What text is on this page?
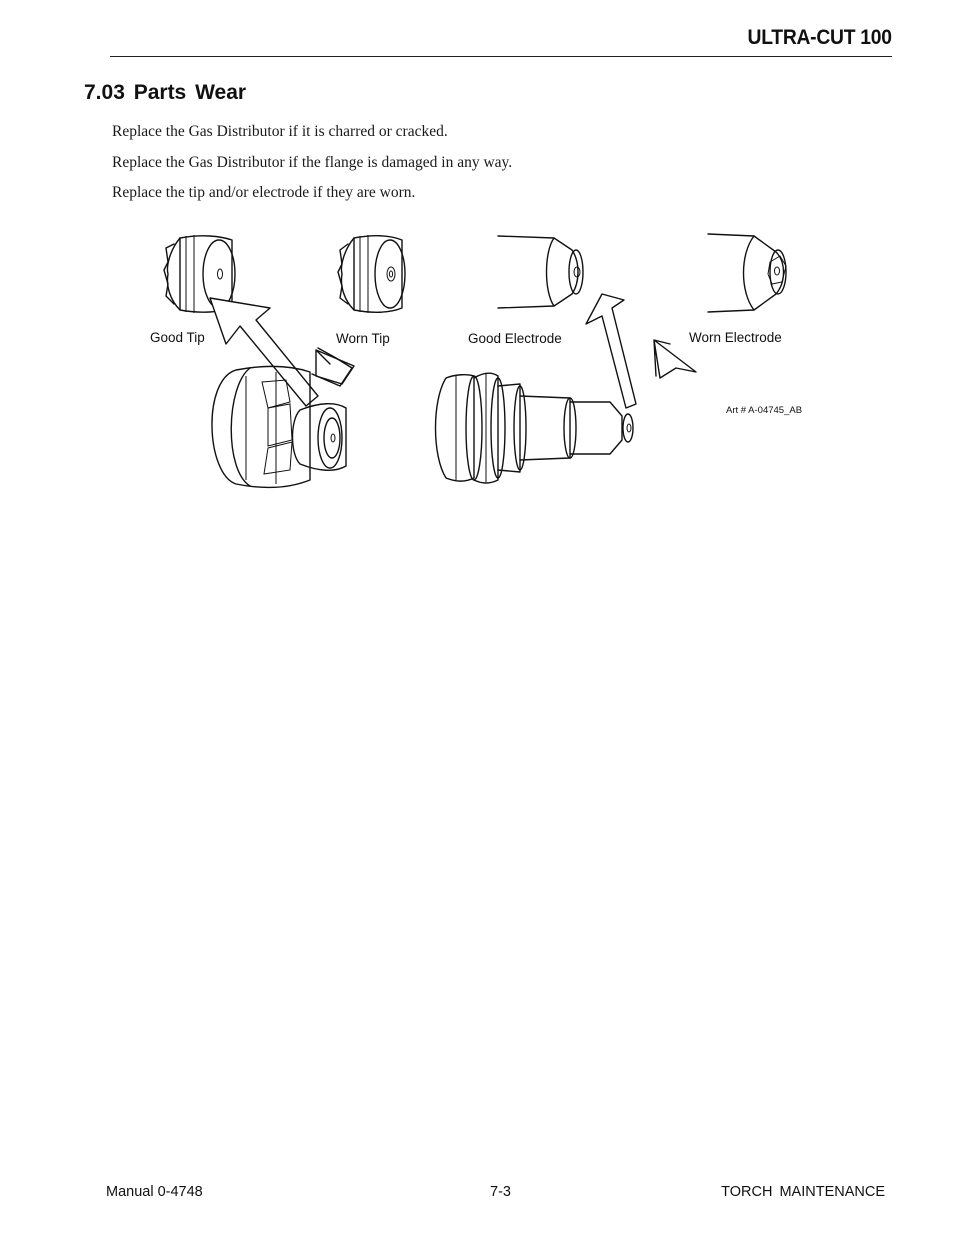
ULTRA-CUT 100
7.03 Parts Wear
Replace the Gas Distributor if it is charred or cracked.
Replace the Gas Distributor if the flange is damaged in any way.
Replace the tip and/or electrode if they are worn.
Good Tip	Worn Tip	Good Electrode	Worn Electrode
Art # A-04745_AB
Manual 0-4748	7-3	TORCH MAINTENANCE
